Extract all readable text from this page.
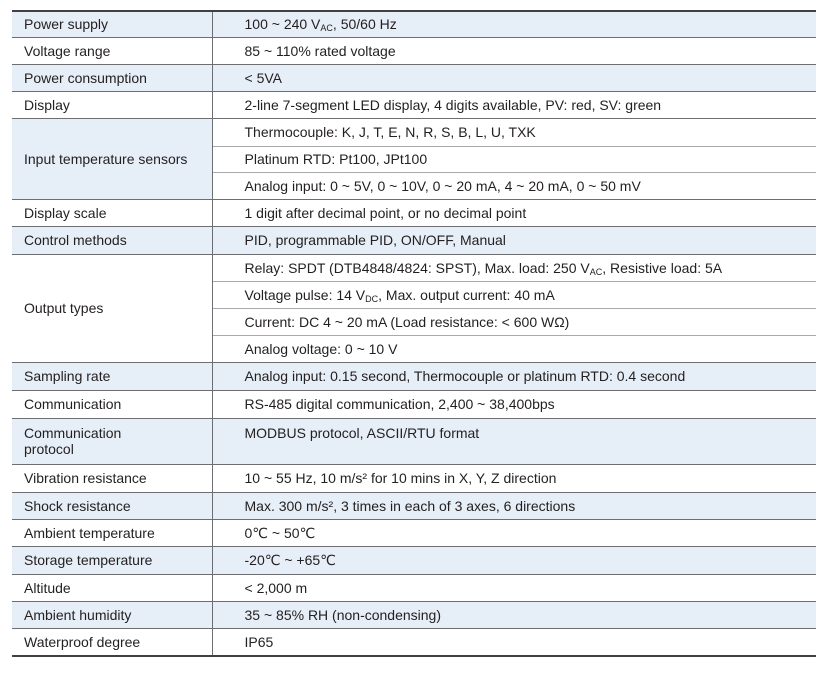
Power supply	100 ~ 240 $V_{AC}$, 50/60 Hz
Voltage range	85 ~ 110% rated voltage
Power consumption	< 5VA
Display	2-line 7-segment LED display, 4 digits available, PV: red, SV: green
Input temperature sensors	Thermocouple: K, J, T, E, N, R, S, B, L, U, TXK
	Platinum RTD: Pt100, JPt100
	Analog input: 0 ~ 5V, 0 ~ 10V, 0 ~ 20 mA, 4 ~ 20 mA, 0 ~ 50 mV
Display scale	1 digit after decimal point, or no decimal point
Control methods	PID, programmable PID, ON/OFF, Manual
Output types	Relay: SPDT (DTB4848/4824: SPST), Max. load: 250 $V_{AC}$, Resistive load: 5A
	Voltage pulse: 14 $V_{DC}$, Max. output current: 40 mA
	Current: DC 4 ~ 20 mA (Load resistance: < 600 WΩ)
	Analog voltage: 0 ~ 10 V
Sampling rate	Analog input: 0.15 second, Thermocouple or platinum RTD: 0.4 second
Communication	RS-485 digital communication, 2,400 ~ 38,400bps

Communication protocol	MODBUS protocol, ASCII/RTU format
Vibration resistance	10 ~ 55 Hz, 10 m/s² for 10 mins in X, Y, Z direction
Shock resistance	Max. 300 m/s², 3 times in each of 3 axes, 6 directions
Ambient temperature	0℃ ~ 50℃
Storage temperature	-20℃ ~ +65℃
Altitude	< 2,000 m
Ambient humidity	35 ~ 85% RH (non-condensing)
Waterproof degree	IP65
